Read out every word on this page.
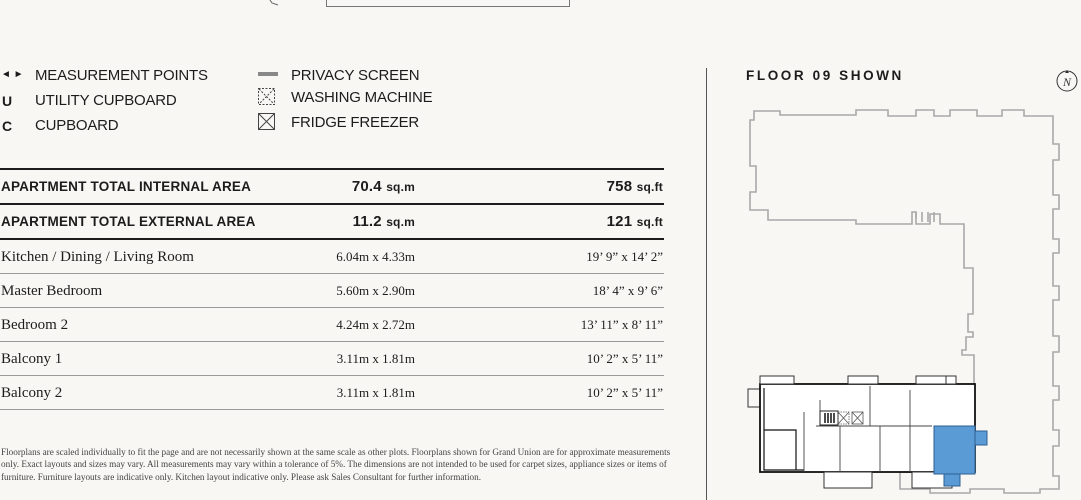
◄ ► MEASUREMENT POINTS
U UTILITY CUPBOARD
C CUPBOARD
PRIVACY SCREEN
WASHING MACHINE
FRIDGE FREEZER
APARTMENT TOTAL INTERNAL AREA	70.4 sq.m	758 sq.ft
APARTMENT TOTAL EXTERNAL AREA	11.2 sq.m	121 sq.ft
Kitchen / Dining / Living Room	6.04m x 4.33m	19’ 9” x 14’ 2”
Master Bedroom	5.60m x 2.90m	18’ 4” x 9’ 6”
Bedroom 2	4.24m x 2.72m	13’ 11” x 8’ 11”
Balcony 1	3.11m x 1.81m	10’ 2” x 5’ 11”
Balcony 2	3.11m x 1.81m	10’ 2” x 5’ 11”
Floorplans are scaled individually to fit the page and are not necessarily shown at the same scale as other plots. Floorplans shown for Grand Union are for approximate measurements only. Exact layouts and sizes may vary. All measurements may vary within a tolerance of 5%. The dimensions are not intended to be used for carpet sizes, appliance sizes or items of furniture. Furniture layouts are indicative only. Kitchen layout indicative only. Please ask Sales Consultant for further information.
FLOOR 09 SHOWN	N
